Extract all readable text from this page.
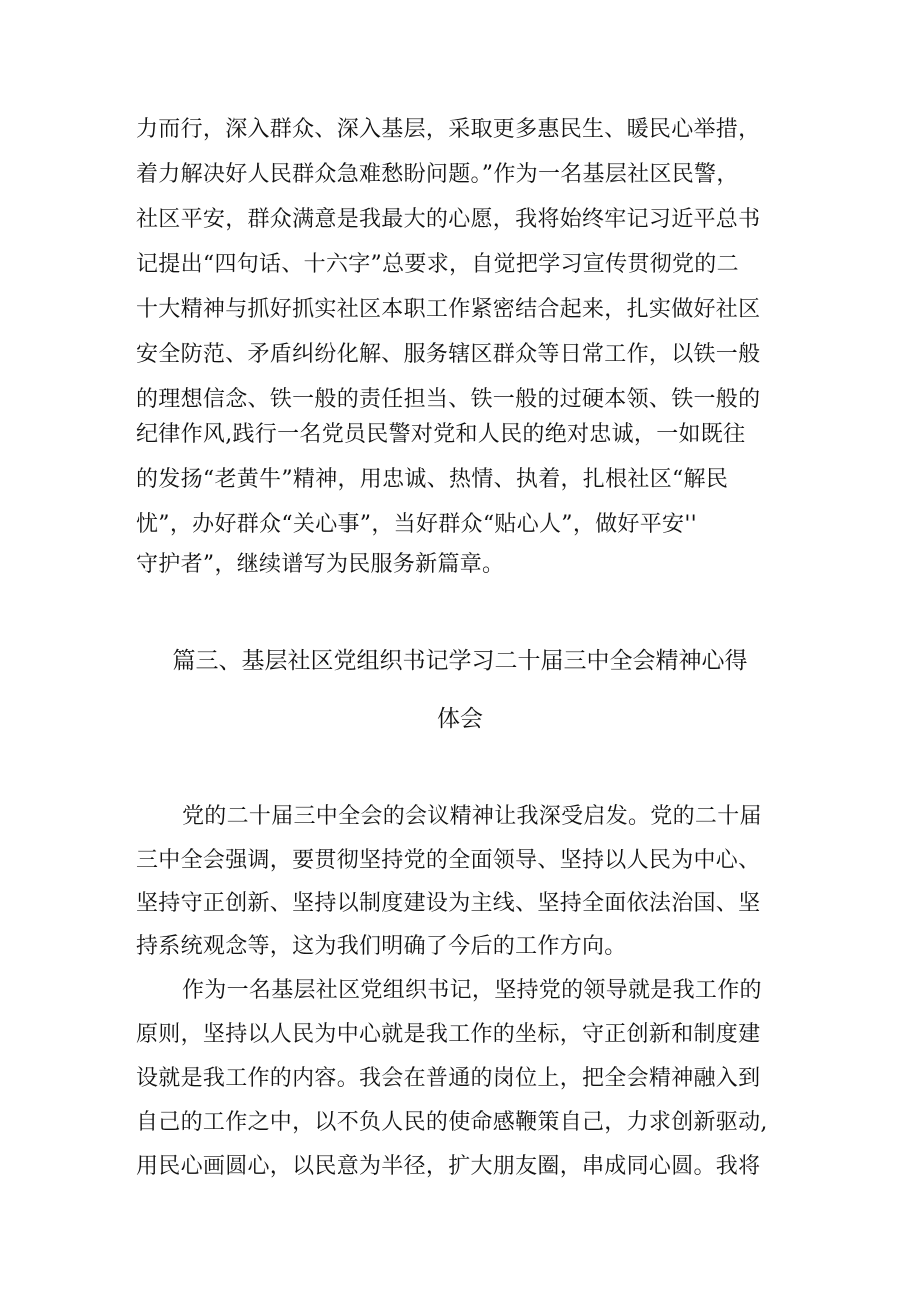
力而行，深入群众、深入基层，采取更多惠民生、暖民心举措，
着力解决好人民群众急难愁盼问题。”作为一名基层社区民警，
社区平安，群众满意是我最大的心愿，我将始终牢记习近平总书
记提出“四句话、十六字”总要求，自觉把学习宣传贯彻党的二
十大精神与抓好抓实社区本职工作紧密结合起来，扎实做好社区
安全防范、矛盾纠纷化解、服务辖区群众等日常工作，以铁一般
的理想信念、铁一般的责任担当、铁一般的过硬本领、铁一般的
纪律作风,践行一名党员民警对党和人民的绝对忠诚，一如既往
的发扬“老黄牛”精神，用忠诚、热情、执着，扎根社区“解民
忧”，办好群众“关心事”，当好群众“贴心人”，做好平安''
守护者”，继续谱写为民服务新篇章。
篇三、基层社区党组织书记学习二十届三中全会精神心得
体会
党的二十届三中全会的会议精神让我深受启发。党的二十届
三中全会强调，要贯彻坚持党的全面领导、坚持以人民为中心、
坚持守正创新、坚持以制度建设为主线、坚持全面依法治国、坚
持系统观念等，这为我们明确了今后的工作方向。
作为一名基层社区党组织书记，坚持党的领导就是我工作的
原则，坚持以人民为中心就是我工作的坐标，守正创新和制度建
设就是我工作的内容。我会在普通的岗位上，把全会精神融入到
自己的工作之中，以不负人民的使命感鞭策自己，力求创新驱动,
用民心画圆心，以民意为半径，扩大朋友圈，串成同心圆。我将
